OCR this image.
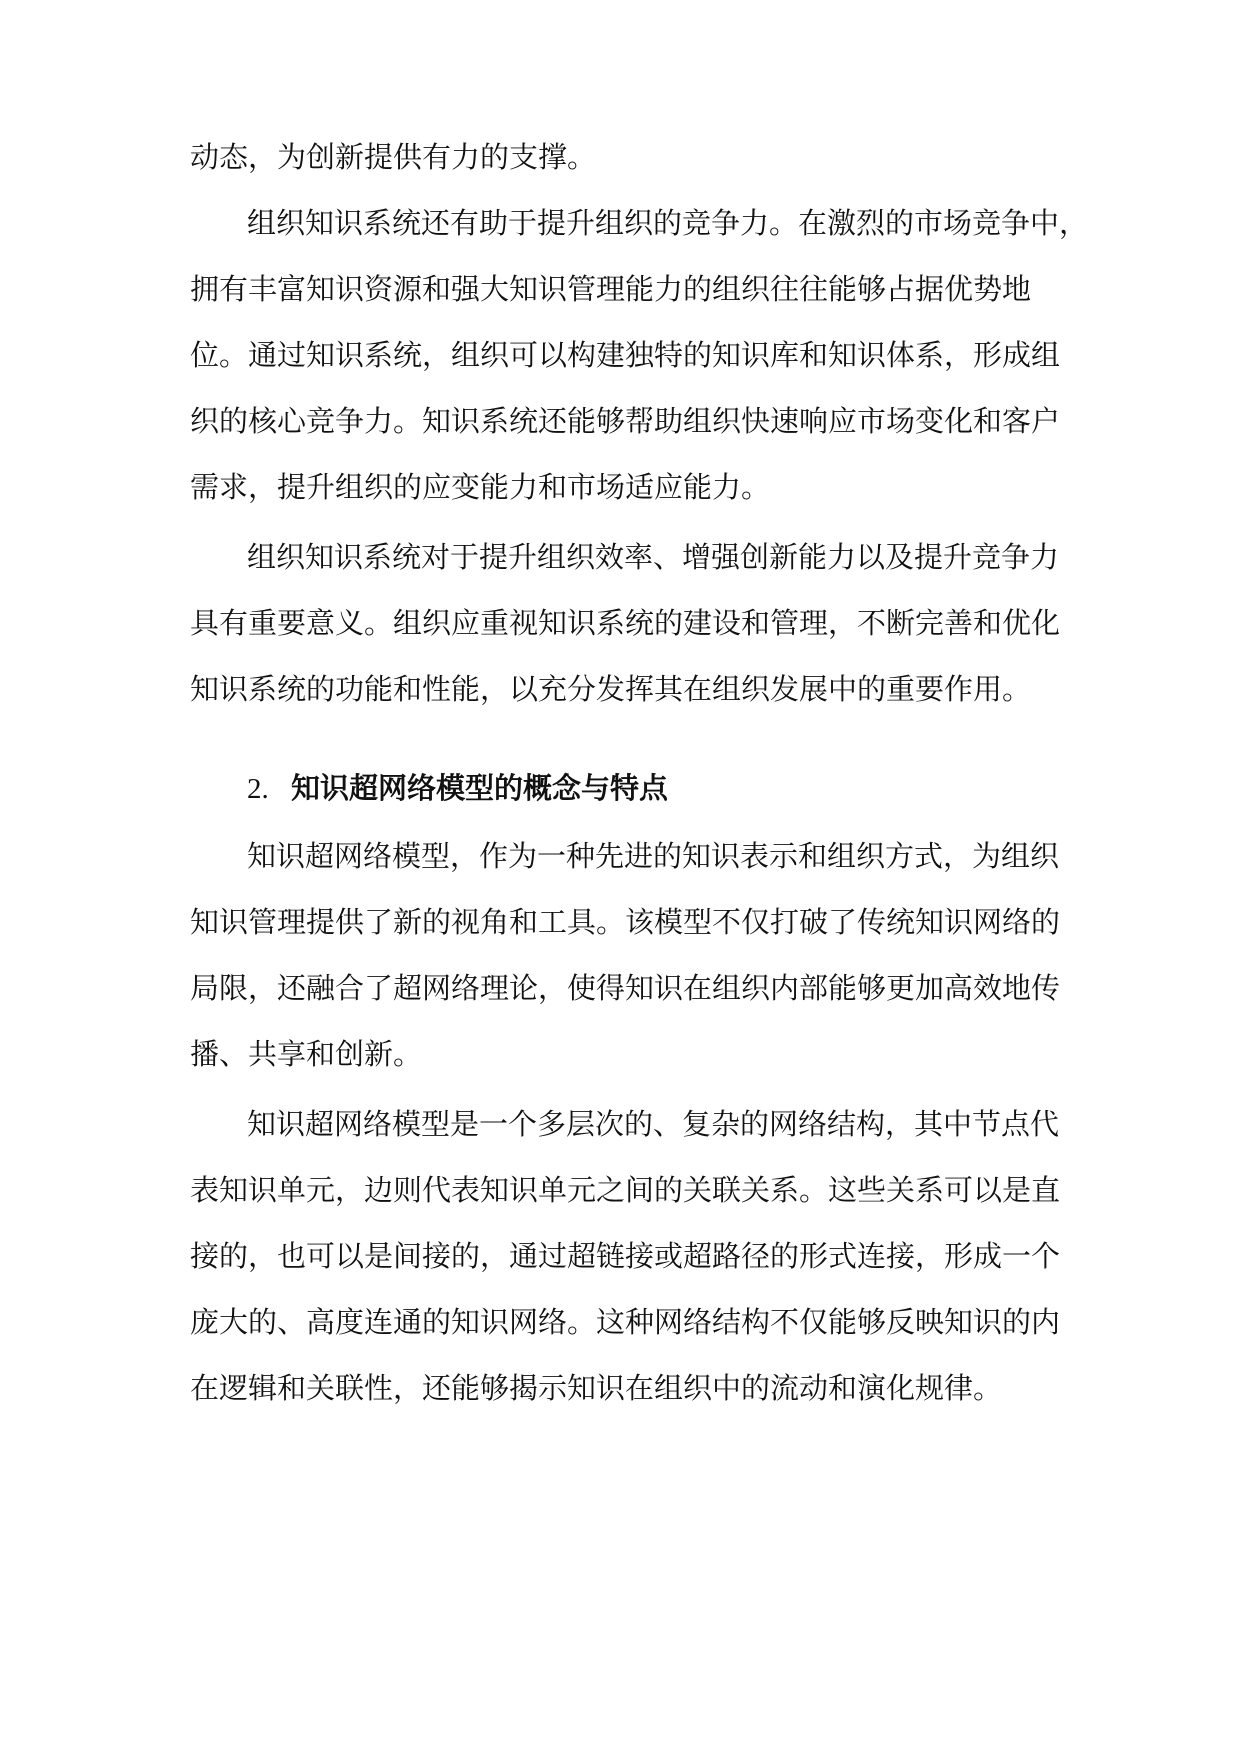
动态，为创新提供有力的支撑。
组织知识系统还有助于提升组织的竞争力。在激烈的市场竞争中，
拥有丰富知识资源和强大知识管理能力的组织往往能够占据优势地
位。通过知识系统，组织可以构建独特的知识库和知识体系，形成组
织的核心竞争力。知识系统还能够帮助组织快速响应市场变化和客户
需求，提升组织的应变能力和市场适应能力。
组织知识系统对于提升组织效率、增强创新能力以及提升竞争力
具有重要意义。组织应重视知识系统的建设和管理，不断完善和优化
知识系统的功能和性能，以充分发挥其在组织发展中的重要作用。
2. 知识超网络模型的概念与特点
知识超网络模型，作为一种先进的知识表示和组织方式，为组织
知识管理提供了新的视角和工具。该模型不仅打破了传统知识网络的
局限，还融合了超网络理论，使得知识在组织内部能够更加高效地传
播、共享和创新。
知识超网络模型是一个多层次的、复杂的网络结构，其中节点代
表知识单元，边则代表知识单元之间的关联关系。这些关系可以是直
接的，也可以是间接的，通过超链接或超路径的形式连接，形成一个
庞大的、高度连通的知识网络。这种网络结构不仅能够反映知识的内
在逻辑和关联性，还能够揭示知识在组织中的流动和演化规律。
